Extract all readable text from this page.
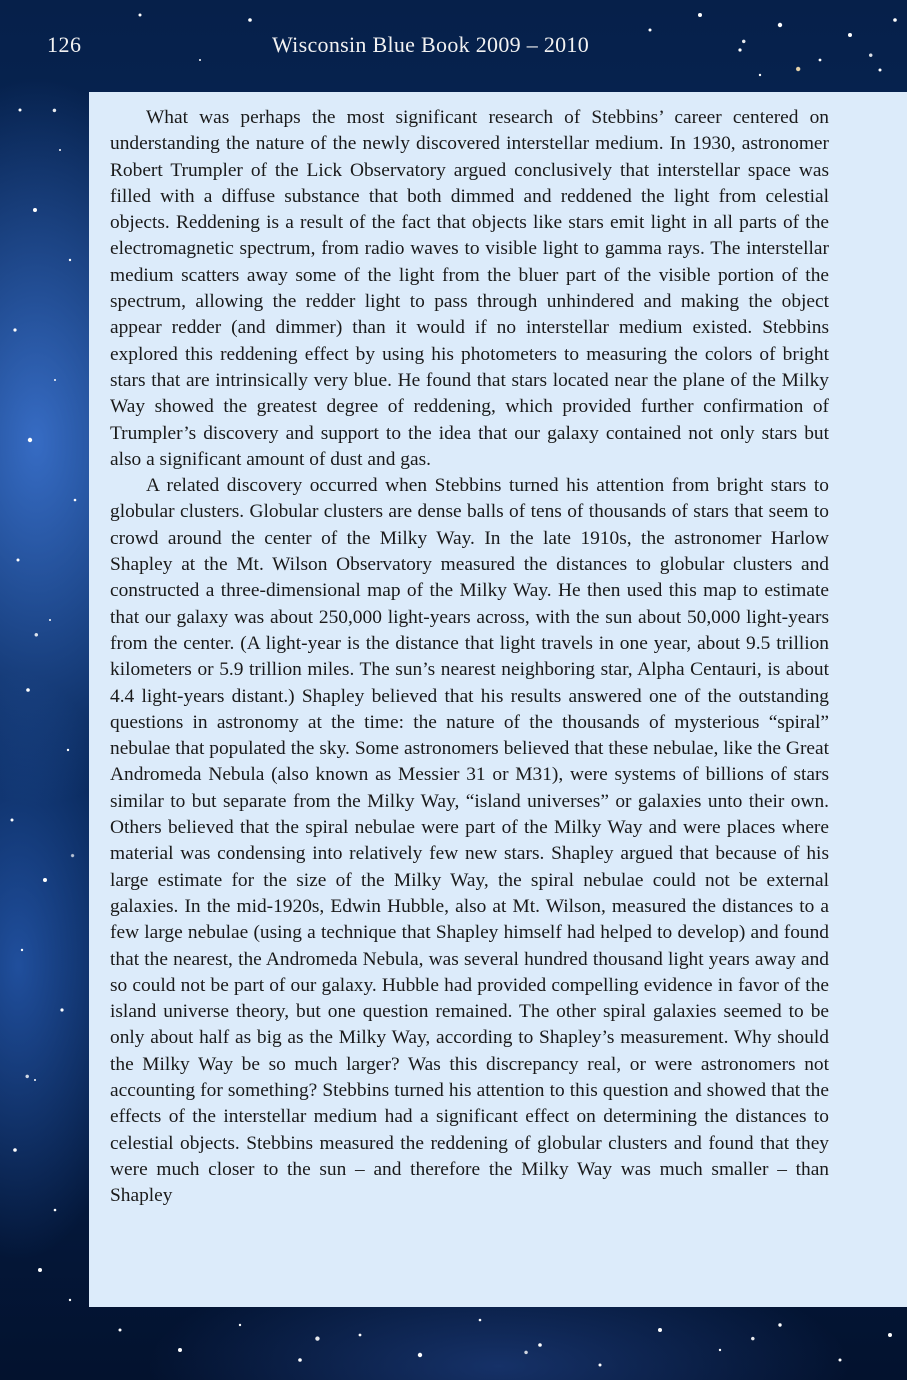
126	Wisconsin Blue Book 2009 – 2010

What was perhaps the most significant research of Stebbins’ career centered on understanding the nature of the newly discovered interstellar medium. In 1930, astronomer Robert Trumpler of the Lick Observatory argued conclusively that interstellar space was filled with a diffuse substance that both dimmed and reddened the light from celestial objects. Reddening is a result of the fact that objects like stars emit light in all parts of the electromagnetic spectrum, from radio waves to visible light to gamma rays. The interstellar medium scatters away some of the light from the bluer part of the visible portion of the spectrum, allowing the redder light to pass through unhindered and making the object appear redder (and dimmer) than it would if no interstellar medium existed. Stebbins explored this reddening effect by using his photometers to measuring the colors of bright stars that are intrinsically very blue. He found that stars located near the plane of the Milky Way showed the greatest degree of reddening, which provided further confirmation of Trumpler’s discovery and support to the idea that our galaxy contained not only stars but also a significant amount of dust and gas.

A related discovery occurred when Stebbins turned his attention from bright stars to globular clusters. Globular clusters are dense balls of tens of thousands of stars that seem to crowd around the center of the Milky Way. In the late 1910s, the astronomer Harlow Shapley at the Mt. Wilson Observatory measured the distances to globular clusters and constructed a three-dimensional map of the Milky Way. He then used this map to estimate that our galaxy was about 250,000 light-years across, with the sun about 50,000 light-years from the center. (A light-year is the distance that light travels in one year, about 9.5 trillion kilometers or 5.9 trillion miles. The sun’s nearest neighboring star, Alpha Centauri, is about 4.4 light-years distant.) Shapley believed that his results answered one of the outstanding questions in astronomy at the time: the nature of the thousands of mysterious “spiral” nebulae that populated the sky. Some astronomers believed that these nebulae, like the Great Andromeda Nebula (also known as Messier 31 or M31), were systems of billions of stars similar to but separate from the Milky Way, “island universes” or galaxies unto their own. Others believed that the spiral nebulae were part of the Milky Way and were places where material was condensing into relatively few new stars. Shapley argued that because of his large estimate for the size of the Milky Way, the spiral nebulae could not be external galaxies. In the mid-1920s, Edwin Hubble, also at Mt. Wilson, measured the distances to a few large nebulae (using a technique that Shapley himself had helped to develop) and found that the nearest, the Andromeda Nebula, was several hundred thousand light years away and so could not be part of our galaxy. Hubble had provided compelling evidence in favor of the island universe theory, but one question remained. The other spiral galaxies seemed to be only about half as big as the Milky Way, according to Shapley’s measurement. Why should the Milky Way be so much larger? Was this discrepancy real, or were astronomers not accounting for something? Stebbins turned his attention to this question and showed that the effects of the interstellar medium had a significant effect on determining the distances to celestial objects. Stebbins measured the reddening of globular clusters and found that they were much closer to the sun – and therefore the Milky Way was much smaller – than Shapley
